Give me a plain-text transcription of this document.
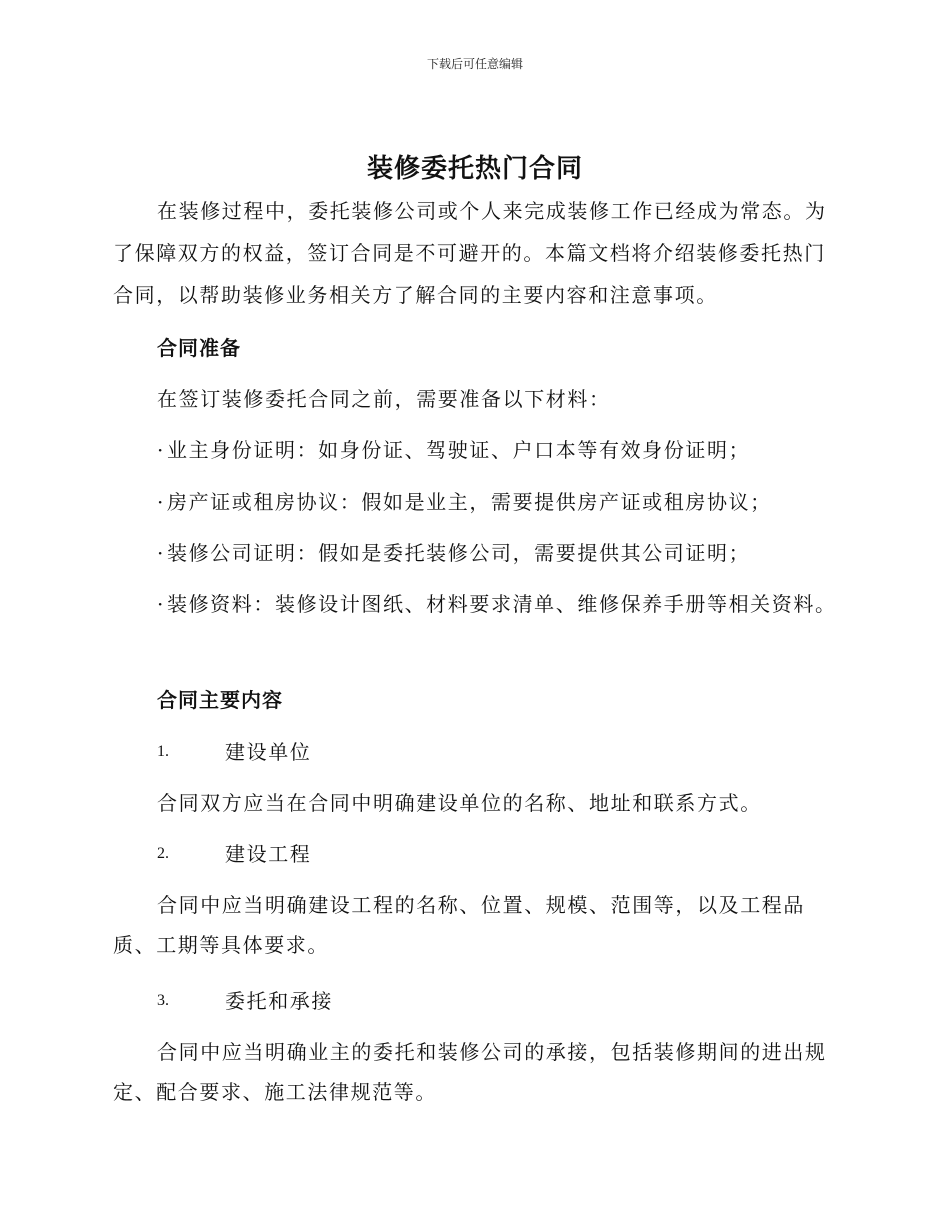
下载后可任意编辑
装修委托热门合同

在装修过程中，委托装修公司或个人来完成装修工作已经成为常态。为了保障双方的权益，签订合同是不可避开的。本篇文档将介绍装修委托热门合同，以帮助装修业务相关方了解合同的主要内容和注意事项。

合同准备
在签订装修委托合同之前，需要准备以下材料：
· 业主身份证明：如身份证、驾驶证、户口本等有效身份证明；
· 房产证或租房协议：假如是业主，需要提供房产证或租房协议；
· 装修公司证明：假如是委托装修公司，需要提供其公司证明；
· 装修资料：装修设计图纸、材料要求清单、维修保养手册等相关资料。
合同主要内容
1.	建设单位
合同双方应当在合同中明确建设单位的名称、地址和联系方式。
2.	建设工程
合同中应当明确建设工程的名称、位置、规模、范围等，以及工程品质、工期等具体要求。
3.	委托和承接
合同中应当明确业主的委托和装修公司的承接，包括装修期间的进出规定、配合要求、施工法律规范等。
